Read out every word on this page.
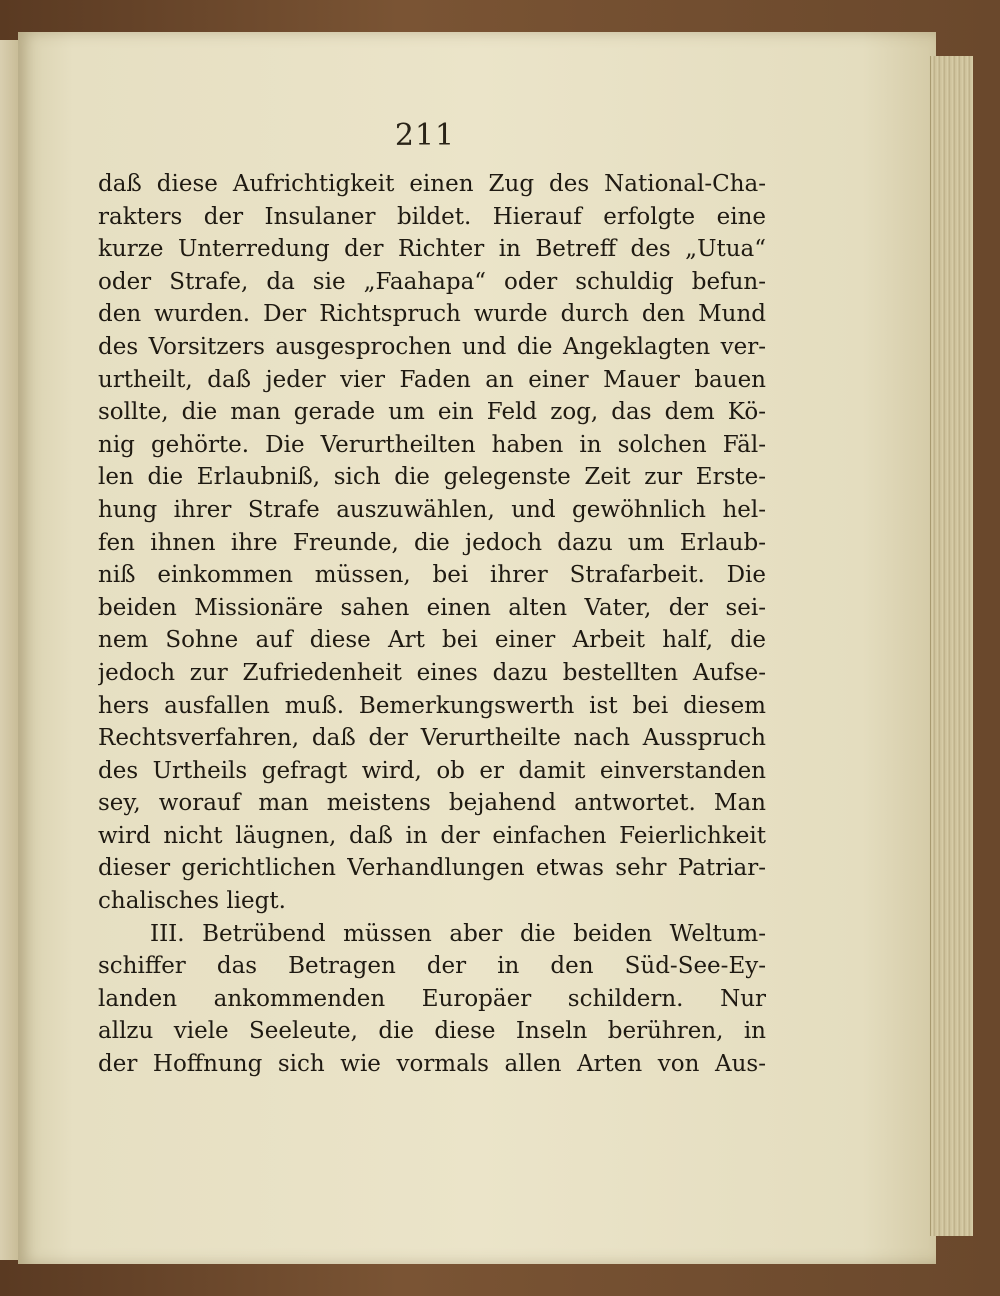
211
daß diese Aufrichtigkeit einen Zug des National-Cha-
rakters der Insulaner bildet. Hierauf erfolgte eine
kurze Unterredung der Richter in Betreff des „Utua“
oder Strafe, da sie „Faahapa“ oder schuldig befun-
den wurden. Der Richtspruch wurde durch den Mund
des Vorsitzers ausgesprochen und die Angeklagten ver-
urtheilt, daß jeder vier Faden an einer Mauer bauen
sollte, die man gerade um ein Feld zog, das dem Kö-
nig gehörte. Die Verurtheilten haben in solchen Fäl-
len die Erlaubniß, sich die gelegenste Zeit zur Erste-
hung ihrer Strafe auszuwählen, und gewöhnlich hel-
fen ihnen ihre Freunde, die jedoch dazu um Erlaub-
niß einkommen müssen, bei ihrer Strafarbeit. Die
beiden Missionäre sahen einen alten Vater, der sei-
nem Sohne auf diese Art bei einer Arbeit half, die
jedoch zur Zufriedenheit eines dazu bestellten Aufse-
hers ausfallen muß. Bemerkungswerth ist bei diesem
Rechtsverfahren, daß der Verurtheilte nach Ausspruch
des Urtheils gefragt wird, ob er damit einverstanden
sey, worauf man meistens bejahend antwortet. Man
wird nicht läugnen, daß in der einfachen Feierlichkeit
dieser gerichtlichen Verhandlungen etwas sehr Patriar-
chalisches liegt.
III. Betrübend müssen aber die beiden Weltum-
schiffer das Betragen der in den Süd-See-Ey-
landen ankommenden Europäer schildern. Nur
allzu viele Seeleute, die diese Inseln berühren, in
der Hoffnung sich wie vormals allen Arten von Aus-
